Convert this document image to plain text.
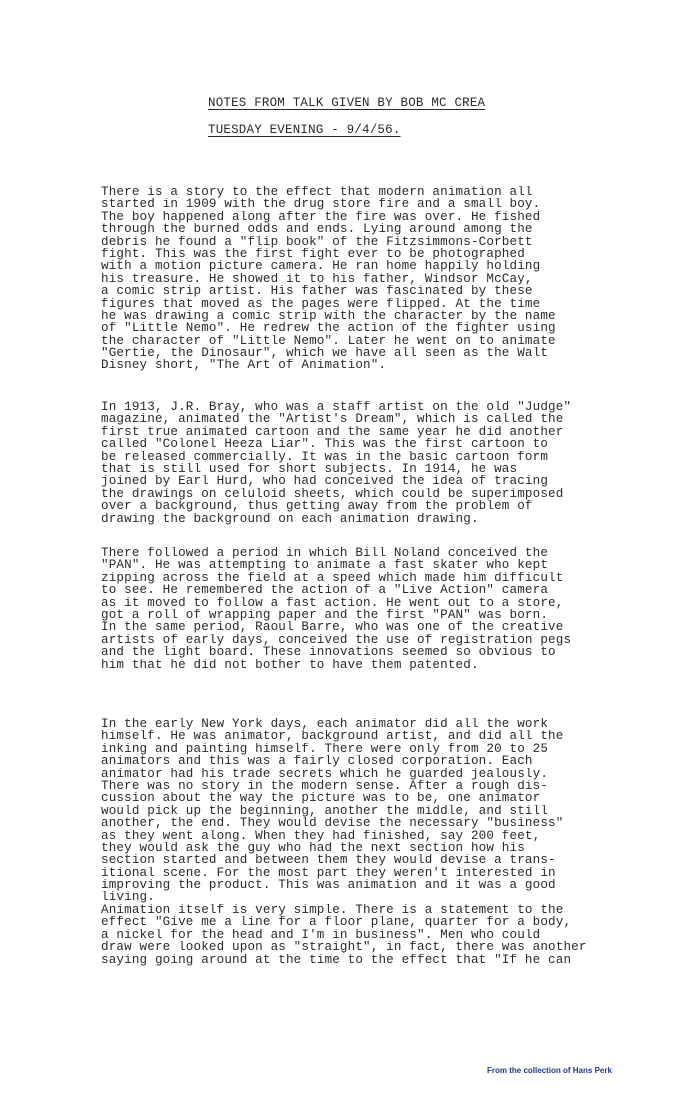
NOTES FROM TALK GIVEN BY BOB MC CREA
TUESDAY EVENING - 9/4/56.
There is a story to the effect that modern animation all
started in 1909 with the drug store fire and a small boy.
The boy happened along after the fire was over. He fished
through the burned odds and ends. Lying around among the
debris he found a "flip book" of the Fitzsimmons-Corbett
fight. This was the first fight ever to be photographed
with a motion picture camera. He ran home happily holding
his treasure. He showed it to his father, Windsor McCay,
a comic strip artist. His father was fascinated by these
figures that moved as the pages were flipped. At the time
he was drawing a comic strip with the character by the name
of "Little Nemo". He redrew the action of the fighter using
the character of "Little Nemo". Later he went on to animate
"Gertie, the Dinosaur", which we have all seen as the Walt
Disney short, "The Art of Animation".
In 1913, J.R. Bray, who was a staff artist on the old "Judge"
magazine, animated the "Artist's Dream", which is called the
first true animated cartoon and the same year he did another
called "Colonel Heeza Liar". This was the first cartoon to
be released commercially. It was in the basic cartoon form
that is still used for short subjects. In 1914, he was
joined by Earl Hurd, who had conceived the idea of tracing
the drawings on celuloid sheets, which could be superimposed
over a background, thus getting away from the problem of
drawing the background on each animation drawing.
There followed a period in which Bill Noland conceived the
"PAN". He was attempting to animate a fast skater who kept
zipping across the field at a speed which made him difficult
to see. He remembered the action of a "Live Action" camera
as it moved to follow a fast action. He went out to a store,
got a roll of wrapping paper and the first "PAN" was born.
In the same period, Raoul Barre, who was one of the creative
artists of early days, conceived the use of registration pegs
and the light board. These innovations seemed so obvious to
him that he did not bother to have them patented.
In the early New York days, each animator did all the work
himself. He was animator, background artist, and did all the
inking and painting himself. There were only from 20 to 25
animators and this was a fairly closed corporation. Each
animator had his trade secrets which he guarded jealously.
There was no story in the modern sense. After a rough dis-
cussion about the way the picture was to be, one animator
would pick up the beginning, another the middle, and still
another, the end. They would devise the necessary "business"
as they went along. When they had finished, say 200 feet,
they would ask the guy who had the next section how his
section started and between them they would devise a trans-
itional scene. For the most part they weren't interested in
improving the product. This was animation and it was a good
living.
Animation itself is very simple. There is a statement to the
effect "Give me a line for a floor plane, quarter for a body,
a nickel for the head and I'm in business". Men who could
draw were looked upon as "straight", in fact, there was another
saying going around at the time to the effect that "If he can
From the collection of Hans Perk
